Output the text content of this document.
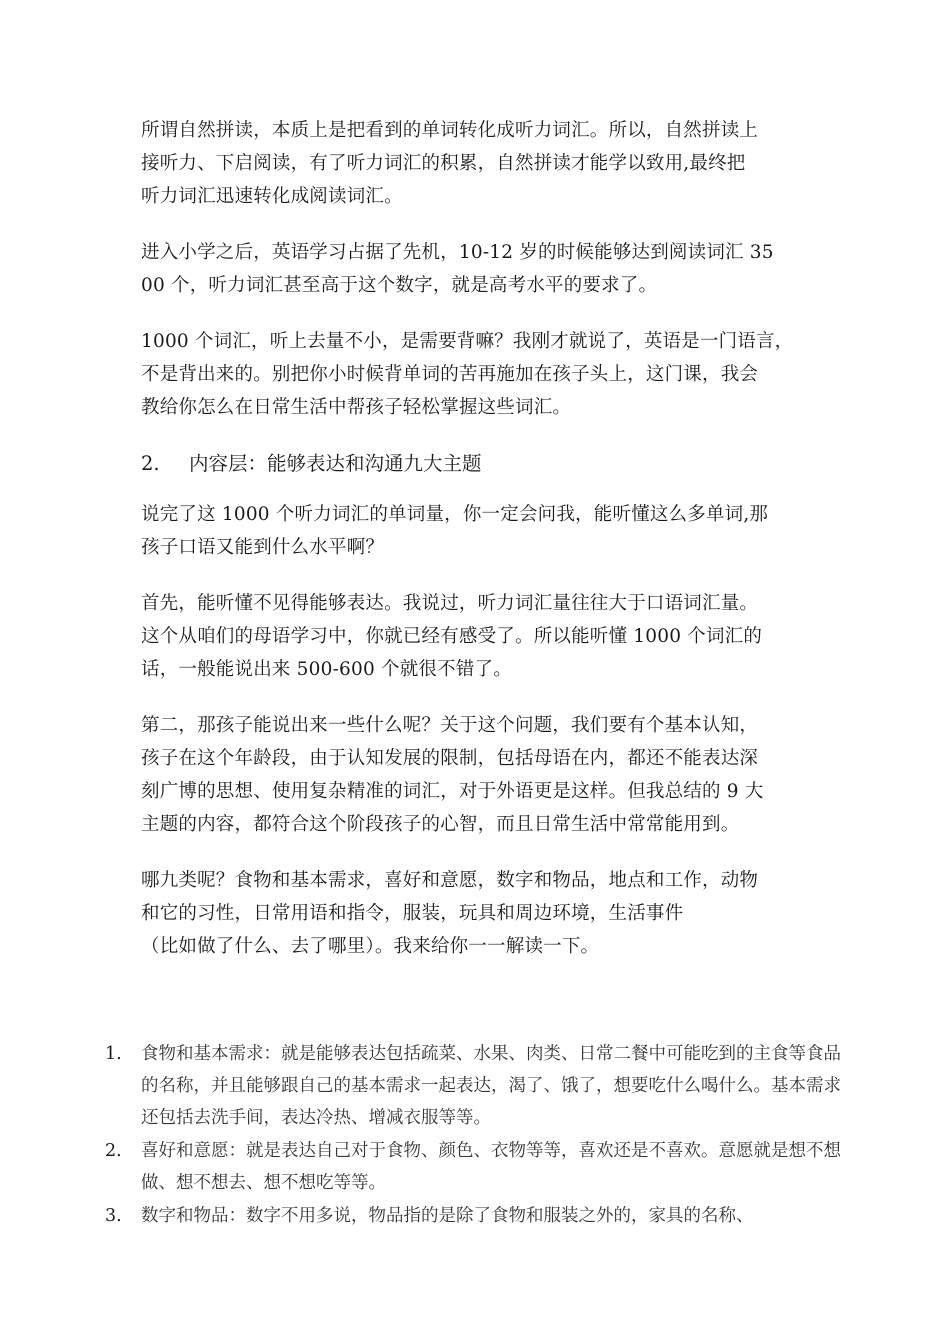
所谓自然拼读，本质上是把看到的单词转化成听力词汇。所以，自然拼读上
接听力、下启阅读，有了听力词汇的积累，自然拼读才能学以致用,最终把
听力词汇迅速转化成阅读词汇。

进入小学之后，英语学习占据了先机，10-12 岁的时候能够达到阅读词汇 35
00 个，听力词汇甚至高于这个数字，就是高考水平的要求了。

1000 个词汇，听上去量不小，是需要背嘛？我刚才就说了，英语是一门语言，
不是背出来的。别把你小时候背单词的苦再施加在孩子头上，这门课，我会
教给你怎么在日常生活中帮孩子轻松掌握这些词汇。

2.	内容层：能够表达和沟通九大主题

说完了这 1000 个听力词汇的单词量，你一定会问我，能听懂这么多单词,那
孩子口语又能到什么水平啊？

首先，能听懂不见得能够表达。我说过，听力词汇量往往大于口语词汇量。
这个从咱们的母语学习中，你就已经有感受了。所以能听懂 1000 个词汇的
话，一般能说出来 500-600 个就很不错了。

第二，那孩子能说出来一些什么呢？关于这个问题，我们要有个基本认知，
孩子在这个年龄段，由于认知发展的限制，包括母语在内，都还不能表达深
刻广博的思想、使用复杂精准的词汇，对于外语更是这样。但我总结的 9 大
主题的内容，都符合这个阶段孩子的心智，而且日常生活中常常能用到。

哪九类呢？食物和基本需求，喜好和意愿，数字和物品，地点和工作，动物
和它的习性，日常用语和指令，服装，玩具和周边环境，生活事件
（比如做了什么、去了哪里）。我来给你一一解读一下。

1.	食物和基本需求：就是能够表达包括疏菜、水果、肉类、日常二餐中可能吃到的主食等食品的名称，并且能够跟自己的基本需求一起表达，渴了、饿了，想要吃什么喝什么。基本需求还包括去洗手间，表达冷热、增减衣服等等。
2.	喜好和意愿：就是表达自己对于食物、颜色、衣物等等，喜欢还是不喜欢。意愿就是想不想做、想不想去、想不想吃等等。
3.	数字和物品：数字不用多说，物品指的是除了食物和服装之外的，家具的名称、
